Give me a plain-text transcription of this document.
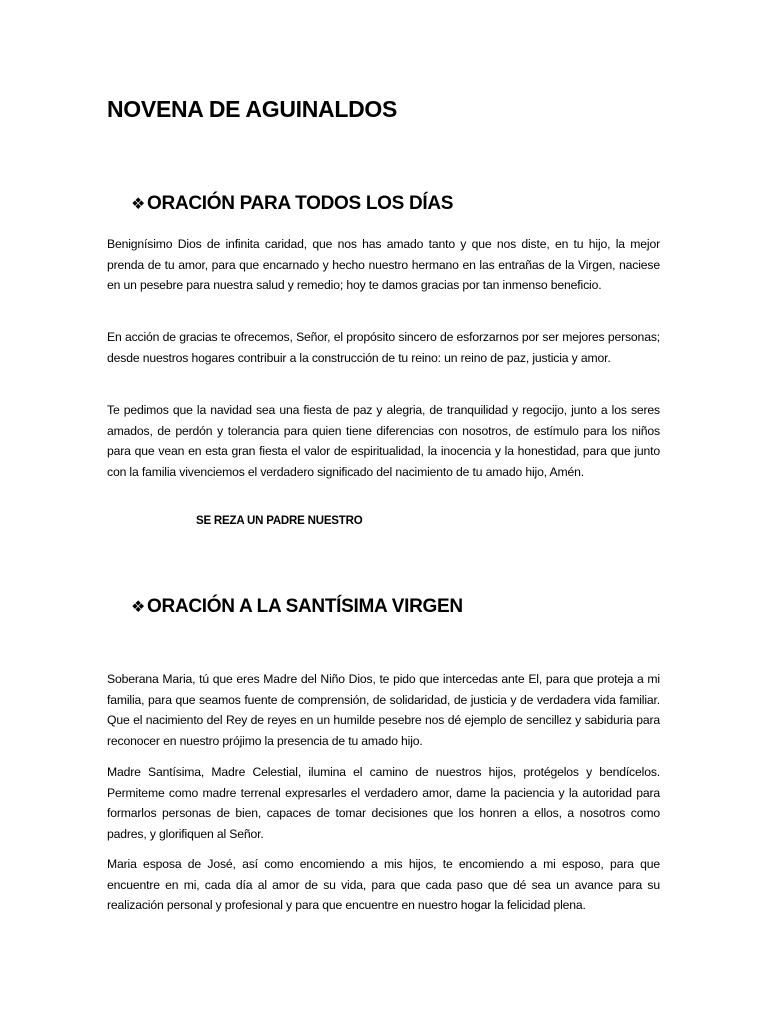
NOVENA DE AGUINALDOS
❖ ORACIÓN PARA TODOS LOS DÍAS

Benignísimo Dios de infinita caridad, que nos has amado tanto y que nos diste, en tu hijo, la mejor prenda de tu amor, para que encarnado y hecho nuestro hermano en las entrañas de la Virgen, naciese en un pesebre para nuestra salud y remedio; hoy te damos gracias por tan inmenso beneficio.

En acción de gracias te ofrecemos, Señor, el propósito sincero de esforzarnos por ser mejores personas; desde nuestros hogares contribuir a la construcción de tu reino: un reino de paz, justicia y amor.

Te pedimos que la navidad sea una fiesta de paz y alegria, de tranquilidad y regocijo, junto a los seres amados, de perdón y tolerancia para quien tiene diferencias con nosotros, de estímulo para los niños para que vean en esta gran fiesta el valor de espiritualidad, la inocencia y la honestidad, para que junto con la familia vivenciemos el verdadero significado del nacimiento de tu amado hijo, Amén.

SE REZA UN PADRE NUESTRO

❖ ORACIÓN A LA SANTÍSIMA VIRGEN

Soberana Maria, tú que eres Madre del Niño Dios, te pido que intercedas ante El, para que proteja a mi familia, para que seamos fuente de comprensión, de solidaridad, de justicia y de verdadera vida familiar. Que el nacimiento del Rey de reyes en un humilde pesebre nos dé ejemplo de sencillez y sabiduria para reconocer en nuestro prójimo la presencia de tu amado hijo.

Madre Santísima, Madre Celestial, ilumina el camino de nuestros hijos, protégelos y bendícelos. Permiteme como madre terrenal expresarles el verdadero amor, dame la paciencia y la autoridad para formarlos personas de bien, capaces de tomar decisiones que los honren a ellos, a nosotros como padres, y glorifiquen al Señor.

Maria esposa de José, así como encomiendo a mis hijos, te encomiendo a mi esposo, para que encuentre en mi, cada día al amor de su vida, para que cada paso que dé sea un avance para su realización personal y profesional y para que encuentre en nuestro hogar la felicidad plena.
